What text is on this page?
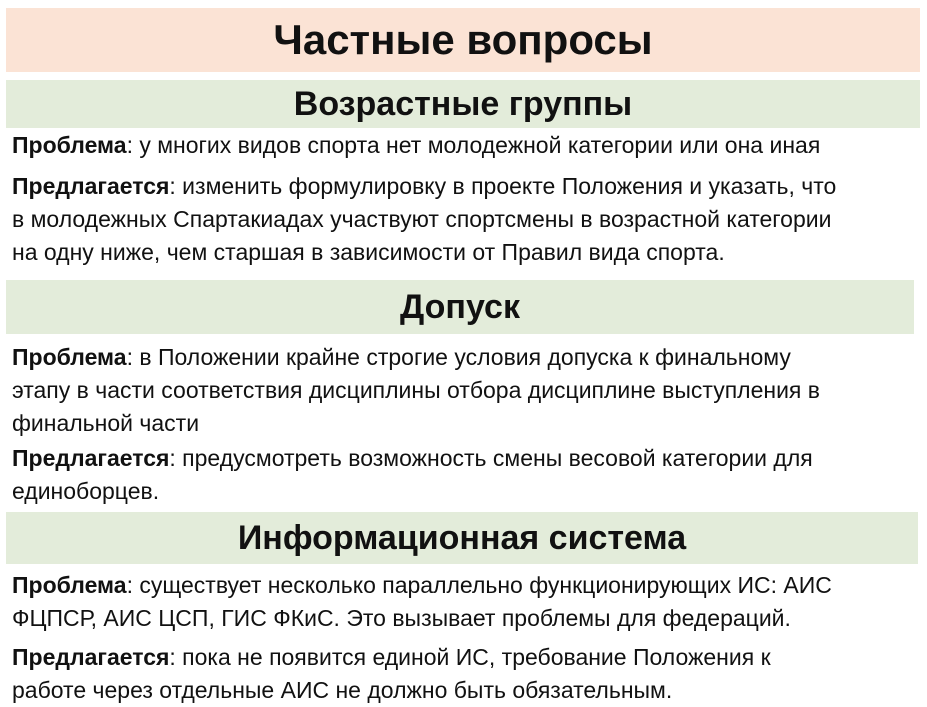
Частные вопросы
Возрастные группы

Проблема: у многих видов спорта нет молодежной категории или она иная

Предлагается: изменить формулировку в проекте Положения и указать, что
в молодежных Спартакиадах участвуют спортсмены в возрастной категории
на одну ниже, чем старшая в зависимости от Правил вида спорта.

Допуск

Проблема: в Положении крайне строгие условия допуска к финальному
этапу в части соответствия дисциплины отбора дисциплине выступления в
финальной части

Предлагается: предусмотреть возможность смены весовой категории для
единоборцев.

Информационная система

Проблема: существует несколько параллельно функционирующих ИС: АИС
ФЦПСР, АИС ЦСП, ГИС ФКиС. Это вызывает проблемы для федераций.

Предлагается: пока не появится единой ИС, требование Положения к
работе через отдельные АИС не должно быть обязательным.
